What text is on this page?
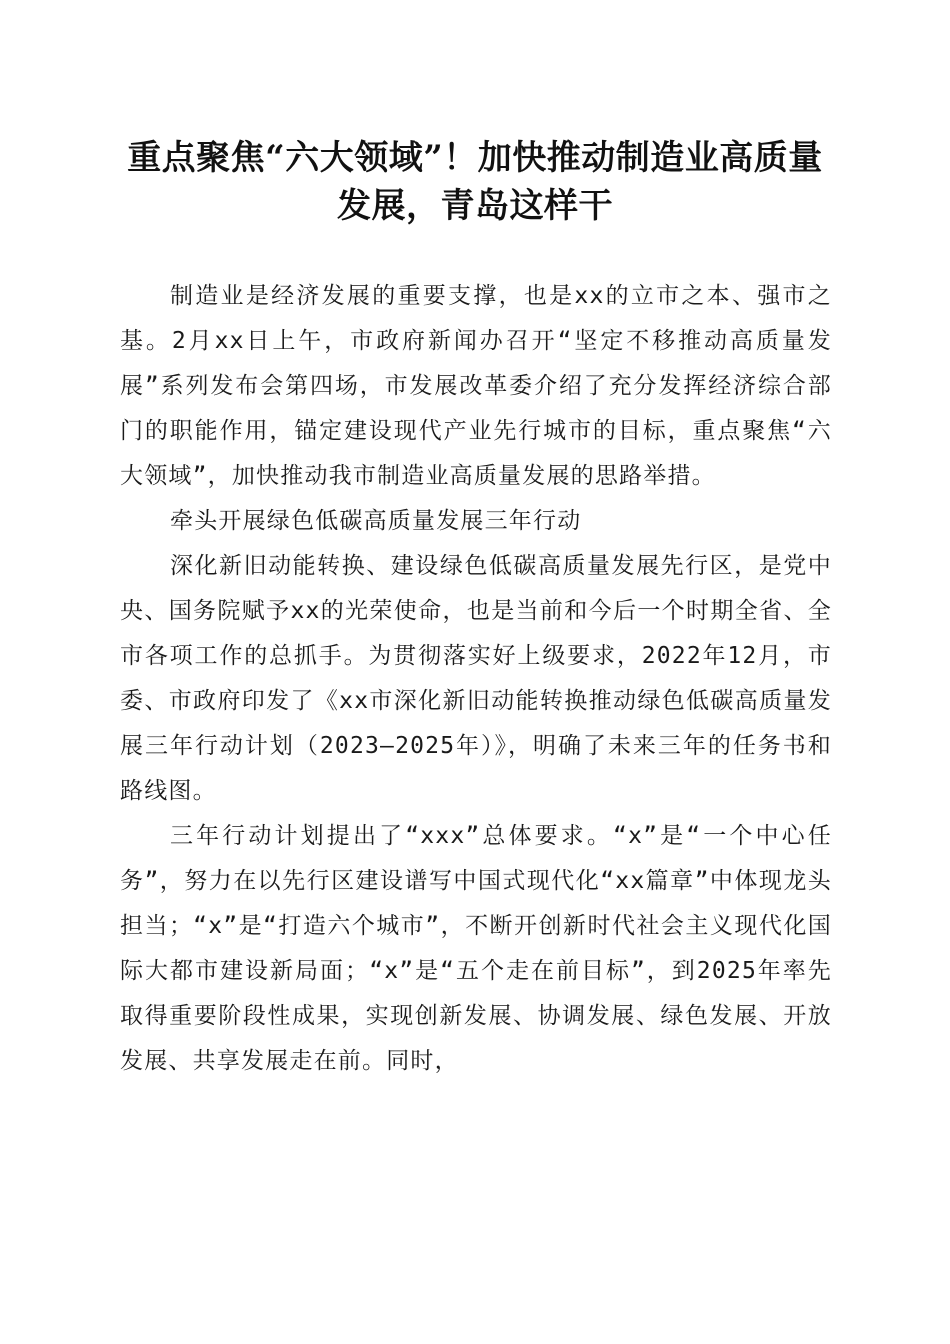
重点聚焦“六大领域”！加快推动制造业高质量发展，青岛这样干

制造业是经济发展的重要支撑，也是xx的立市之本、强市之基。2月xx日上午，市政府新闻办召开“坚定不移推动高质量发展”系列发布会第四场，市发展改革委介绍了充分发挥经济综合部门的职能作用，锚定建设现代产业先行城市的目标，重点聚焦“六大领域”，加快推动我市制造业高质量发展的思路举措。

牵头开展绿色低碳高质量发展三年行动

深化新旧动能转换、建设绿色低碳高质量发展先行区，是党中央、国务院赋予xx的光荣使命，也是当前和今后一个时期全省、全市各项工作的总抓手。为贯彻落实好上级要求，2022年12月，市委、市政府印发了《xx市深化新旧动能转换推动绿色低碳高质量发展三年行动计划（2023—2025年）》，明确了未来三年的任务书和路线图。

三年行动计划提出了“xxx”总体要求。“x”是“一个中心任务”，努力在以先行区建设谱写中国式现代化“xx篇章”中体现龙头担当；“x”是“打造六个城市”，不断开创新时代社会主义现代化国际大都市建设新局面；“x”是“五个走在前目标”，到2025年率先取得重要阶段性成果，实现创新发展、协调发展、绿色发展、开放发展、共享发展走在前。同时，
